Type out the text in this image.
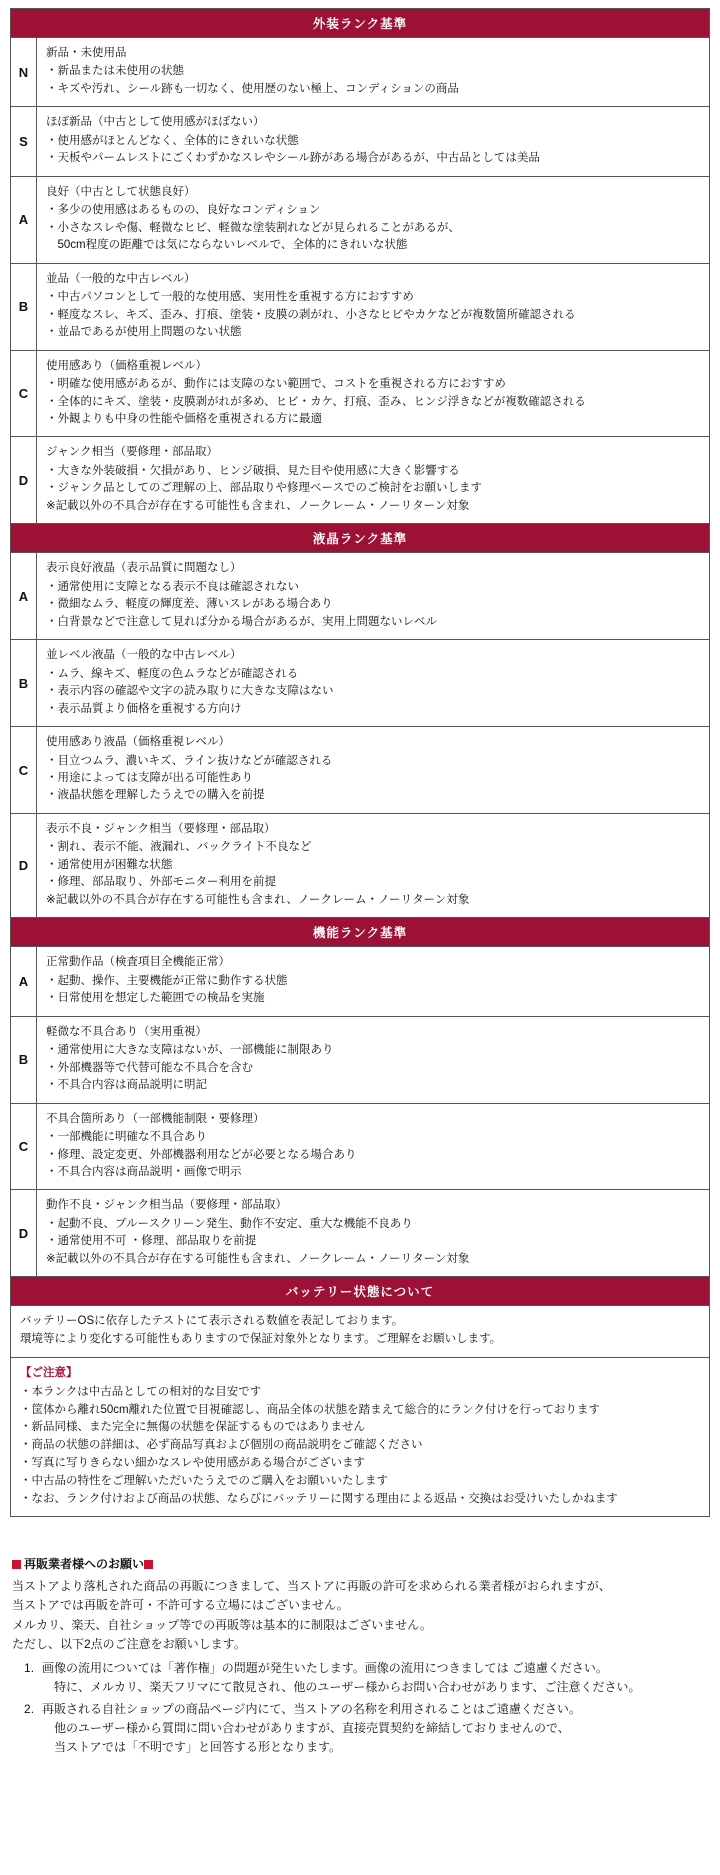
外装ランク基準
N
新品・未使用品
・新品または未使用の状態
・キズや汚れ、シール跡も一切なく、使用歴のない極上、コンディションの商品
S
ほぼ新品（中古として使用感がほぼない）
・使用感がほとんどなく、全体的にきれいな状態
・天板やパームレストにごくわずかなスレやシール跡がある場合があるが、中古品としては美品
A
良好（中古として状態良好）
・多少の使用感はあるものの、良好なコンディション
・小さなスレや傷、軽微なヒビ、軽微な塗装割れなどが見られることがあるが、
　50cm程度の距離では気にならないレベルで、全体的にきれいな状態
B
並品（一般的な中古レベル）
・中古パソコンとして一般的な使用感、実用性を重視する方におすすめ
・軽度なスレ、キズ、歪み、打痕、塗装・皮膜の剥がれ、小さなヒビやカケなどが複数箇所確認される
・並品であるが使用上問題のない状態
C
使用感あり（価格重視レベル）
・明確な使用感があるが、動作には支障のない範囲で、コストを重視される方におすすめ
・全体的にキズ、塗装・皮膜剥がれが多め、ヒビ・カケ、打痕、歪み、ヒンジ浮きなどが複数確認される
・外観よりも中身の性能や価格を重視される方に最適
D
ジャンク相当（要修理・部品取）
・大きな外装破損・欠損があり、ヒンジ破損、見た目や使用感に大きく影響する
・ジャンク品としてのご理解の上、部品取りや修理ベースでのご検討をお願いします
※記載以外の不具合が存在する可能性も含まれ、ノークレーム・ノーリターン対象
液晶ランク基準
A
表示良好液晶（表示品質に問題なし）
・通常使用に支障となる表示不良は確認されない
・微細なムラ、軽度の輝度差、薄いスレがある場合あり
・白背景などで注意して見れば分かる場合があるが、実用上問題ないレベル
B
並レベル液晶（一般的な中古レベル）
・ムラ、線キズ、軽度の色ムラなどが確認される
・表示内容の確認や文字の読み取りに大きな支障はない
・表示品質より価格を重視する方向け
C
使用感あり液晶（価格重視レベル）
・目立つムラ、濃いキズ、ライン抜けなどが確認される
・用途によっては支障が出る可能性あり
・液晶状態を理解したうえでの購入を前提
D
表示不良・ジャンク相当（要修理・部品取）
・割れ、表示不能、液漏れ、バックライト不良など
・通常使用が困難な状態
・修理、部品取り、外部モニター利用を前提
※記載以外の不具合が存在する可能性も含まれ、ノークレーム・ノーリターン対象
機能ランク基準
A
正常動作品（検査項目全機能正常）
・起動、操作、主要機能が正常に動作する状態
・日常使用を想定した範囲での検品を実施
B
軽微な不具合あり（実用重視）
・通常使用に大きな支障はないが、一部機能に制限あり
・外部機器等で代替可能な不具合を含む
・不具合内容は商品説明に明記
C
不具合箇所あり（一部機能制限・要修理）
・一部機能に明確な不具合あり
・修理、設定変更、外部機器利用などが必要となる場合あり
・不具合内容は商品説明・画像で明示
D
動作不良・ジャンク相当品（要修理・部品取）
・起動不良、ブルースクリーン発生、動作不安定、重大な機能不良あり
・通常使用不可 ・修理、部品取りを前提
※記載以外の不具合が存在する可能性も含まれ、ノークレーム・ノーリターン対象
バッテリー状態について
バッテリーOSに依存したテストにて表示される数値を表記しております。
環境等により変化する可能性もありますので保証対象外となります。ご理解をお願いします。
【ご注意】
・本ランクは中古品としての相対的な目安です
・筐体から離れ50cm離れた位置で目視確認し、商品全体の状態を踏まえて総合的にランク付けを行っております
・新品同様、また完全に無傷の状態を保証するものではありません
・商品の状態の詳細は、必ず商品写真および個別の商品説明をご確認ください
・写真に写りきらない細かなスレや使用感がある場合がございます
・中古品の特性をご理解いただいたうえでのご購入をお願いいたします
・なお、ランク付けおよび商品の状態、ならびにバッテリーに関する理由による返品・交換はお受けいたしかねます
再販業者様へのお願い

当ストアより落札された商品の再販につきまして、当ストアに再販の許可を求められる業者様がおられますが、

当ストアでは再販を許可・不許可する立場にはございません。

メルカリ、楽天、自社ショップ等での再販等は基本的に制限はございません。

ただし、以下2点のご注意をお願いします。

画像の流用については「著作権」の問題が発生いたします。画像の流用につきましては ご遠慮ください。
特に、メルカリ、楽天フリマにて散見され、他のユーザー様からお問い合わせがあります、ご注意ください。
再販される自社ショップの商品ページ内にて、当ストアの名称を利用されることはご遠慮ください。
他のユーザー様から質問に問い合わせがありますが、直接売買契約を締結しておりませんので、
当ストアでは「不明です」と回答する形となります。
